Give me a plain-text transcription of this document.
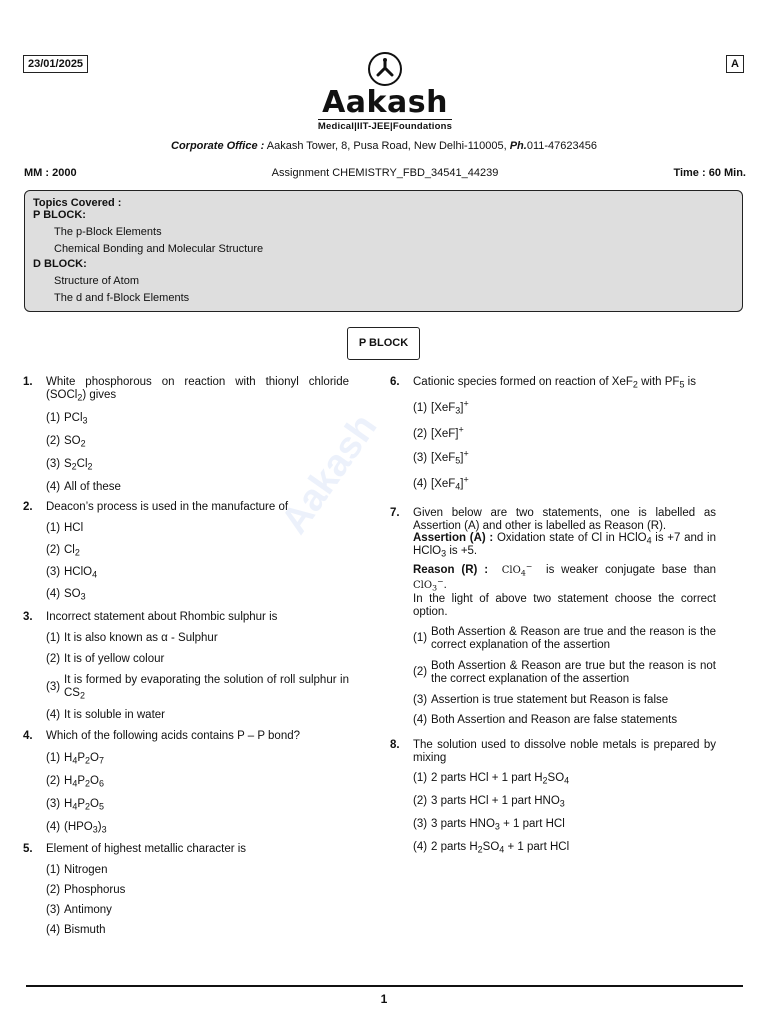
23/01/2025	A
Aakash
Medical|IIT-JEE|Foundations
Corporate Office : Aakash Tower, 8, Pusa Road, New Delhi-110005, Ph.011-47623456
MM : 2000	Assignment CHEMISTRY_FBD_34541_44239	Time : 60 Min.
Topics Covered :
P BLOCK:
The p-Block Elements
Chemical Bonding and Molecular Structure
D BLOCK:
Structure of Atom
The d and f-Block Elements
P BLOCK
Aakash
1. White phosphorous on reaction with thionyl chloride (SOCl$_2$) gives
(1) PCl$_3$
(2) $SO_2$
(3) $S_2Cl_2$
(4) All of these
2. Deacon’s process is used in the manufacture of
(1) HCl
(2) $Cl_2$
(3) HClO$_4$
(4) $SO_3$
3. Incorrect statement about Rhombic sulphur is
(1) It is also known as α - Sulphur
(2) It is of yellow colour
(3)
It is formed by evaporating the solution of roll sulphur in $CS_2$
(4) It is soluble in water
4. Which of the following acids contains P – P bond?
(1) $H_4P_2O_7$
(2) $H_4P_2O_6$
(3) $H_4P_2O_5$
(4) $(HPO_3)_3$
5. Element of highest metallic character is
(1) Nitrogen
(2) Phosphorus
(3) Antimony
(4) Bismuth
6. Cationic species formed on reaction of XeF$_2$ with $PF_5$ is
(1) [XeF$_3$]+
(2) [XeF]+
(3) [XeF$_5$]+
(4) [XeF$_4$]+
7. Given below are two statements, one is labelled as Assertion (A) and other is labelled as Reason (R).
Assertion (A) : Oxidation state of Cl in HClO$_4$ is +7 and in HClO$_3$ is +5.
Reason (R) : ClO$_4$−  is weaker conjugate base than ClO$_3$−.
In the light of above two statement choose the correct option.
(1) Both Assertion & Reason are true and the reason is the correct explanation of the assertion
(2) Both Assertion & Reason are true but the reason is not the correct explanation of the assertion
(3) Assertion is true statement but Reason is false
(4) Both Assertion and Reason are false statements
8. The solution used to dissolve noble metals is prepared by mixing
(1) 2 parts HCl + 1 part $H_2SO_4$
(2) 3 parts HCl + 1 part $HNO_3$
(3) 3 parts $HNO_3 + 1$ part HCl
(4) 2 parts $H_2SO_4 + 1$ part HCl
1
